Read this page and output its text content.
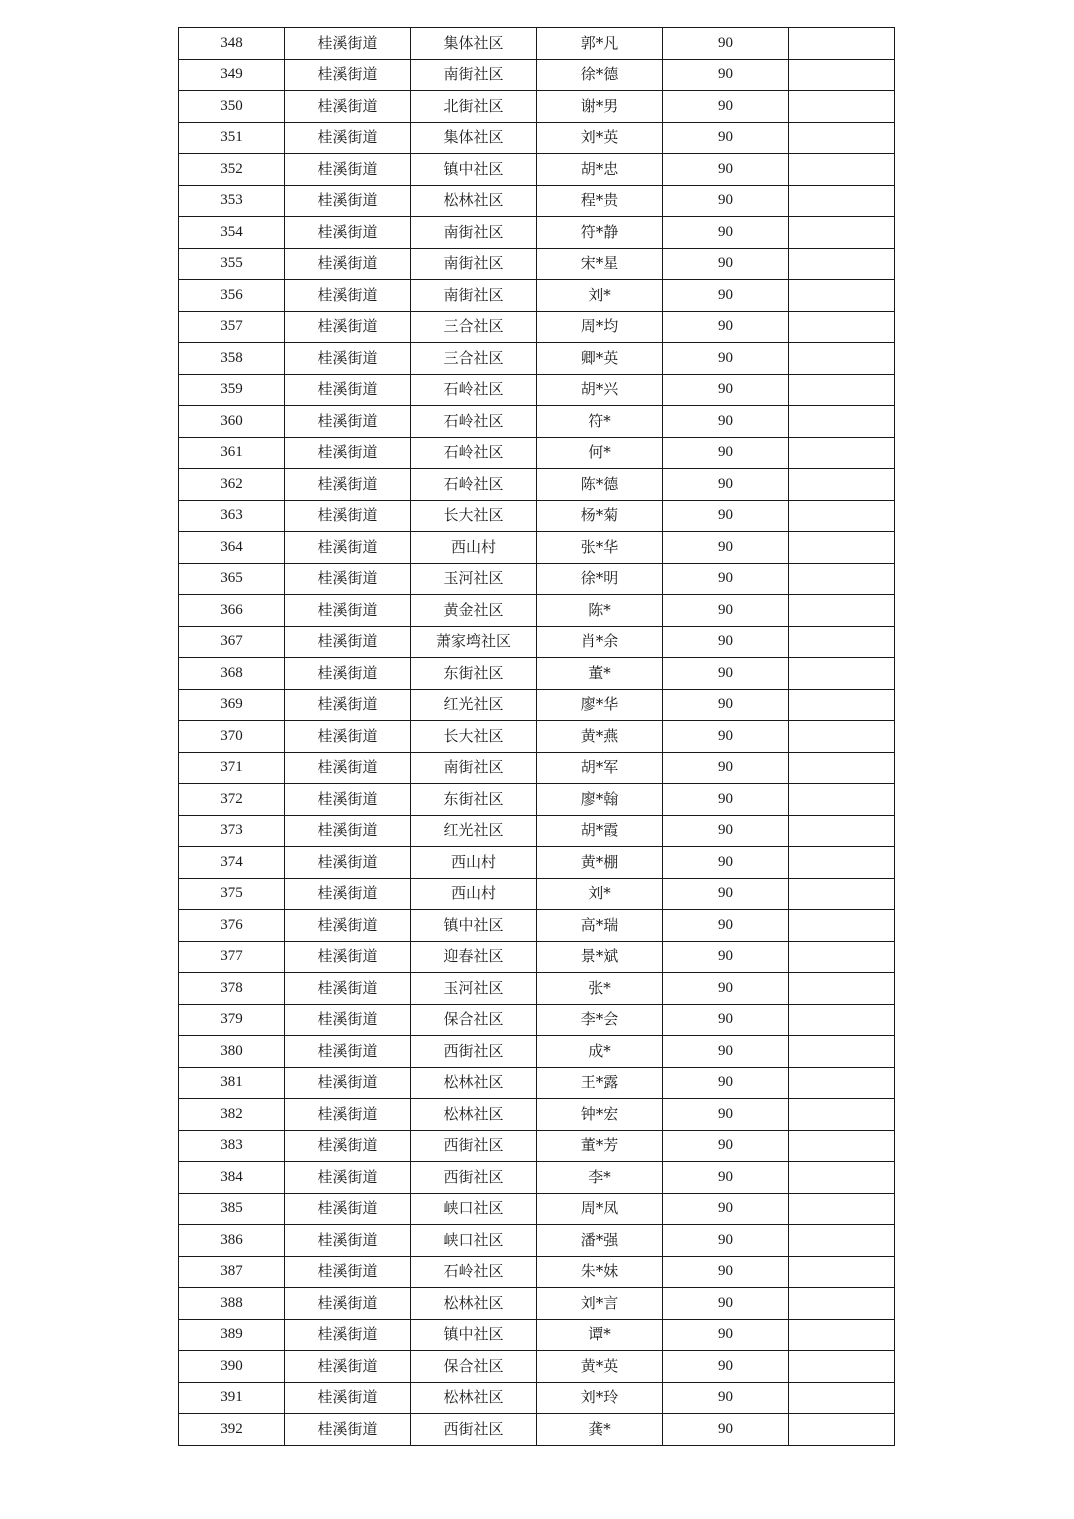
348	桂溪街道	集体社区	郭*凡	90	
349	桂溪街道	南街社区	徐*德	90	
350	桂溪街道	北街社区	谢*男	90	
351	桂溪街道	集体社区	刘*英	90	
352	桂溪街道	镇中社区	胡*忠	90	
353	桂溪街道	松林社区	程*贵	90	
354	桂溪街道	南街社区	符*静	90	
355	桂溪街道	南街社区	宋*星	90	
356	桂溪街道	南街社区	刘*	90	
357	桂溪街道	三合社区	周*均	90	
358	桂溪街道	三合社区	卿*英	90	
359	桂溪街道	石岭社区	胡*兴	90	
360	桂溪街道	石岭社区	符*	90	
361	桂溪街道	石岭社区	何*	90	
362	桂溪街道	石岭社区	陈*德	90	
363	桂溪街道	长大社区	杨*菊	90	
364	桂溪街道	西山村	张*华	90	
365	桂溪街道	玉河社区	徐*明	90	
366	桂溪街道	黄金社区	陈*	90	
367	桂溪街道	萧家塆社区	肖*余	90	
368	桂溪街道	东街社区	董*	90	
369	桂溪街道	红光社区	廖*华	90	
370	桂溪街道	长大社区	黄*燕	90	
371	桂溪街道	南街社区	胡*军	90	
372	桂溪街道	东街社区	廖*翰	90	
373	桂溪街道	红光社区	胡*霞	90	
374	桂溪街道	西山村	黄*棚	90	
375	桂溪街道	西山村	刘*	90	
376	桂溪街道	镇中社区	高*瑞	90	
377	桂溪街道	迎春社区	景*斌	90	
378	桂溪街道	玉河社区	张*	90	
379	桂溪街道	保合社区	李*会	90	
380	桂溪街道	西街社区	成*	90	
381	桂溪街道	松林社区	王*露	90	
382	桂溪街道	松林社区	钟*宏	90	
383	桂溪街道	西街社区	董*芳	90	
384	桂溪街道	西街社区	李*	90	
385	桂溪街道	峡口社区	周*凤	90	
386	桂溪街道	峡口社区	潘*强	90	
387	桂溪街道	石岭社区	朱*妹	90	
388	桂溪街道	松林社区	刘*言	90	
389	桂溪街道	镇中社区	谭*	90	
390	桂溪街道	保合社区	黄*英	90	
391	桂溪街道	松林社区	刘*玲	90	
392	桂溪街道	西街社区	龚*	90	
